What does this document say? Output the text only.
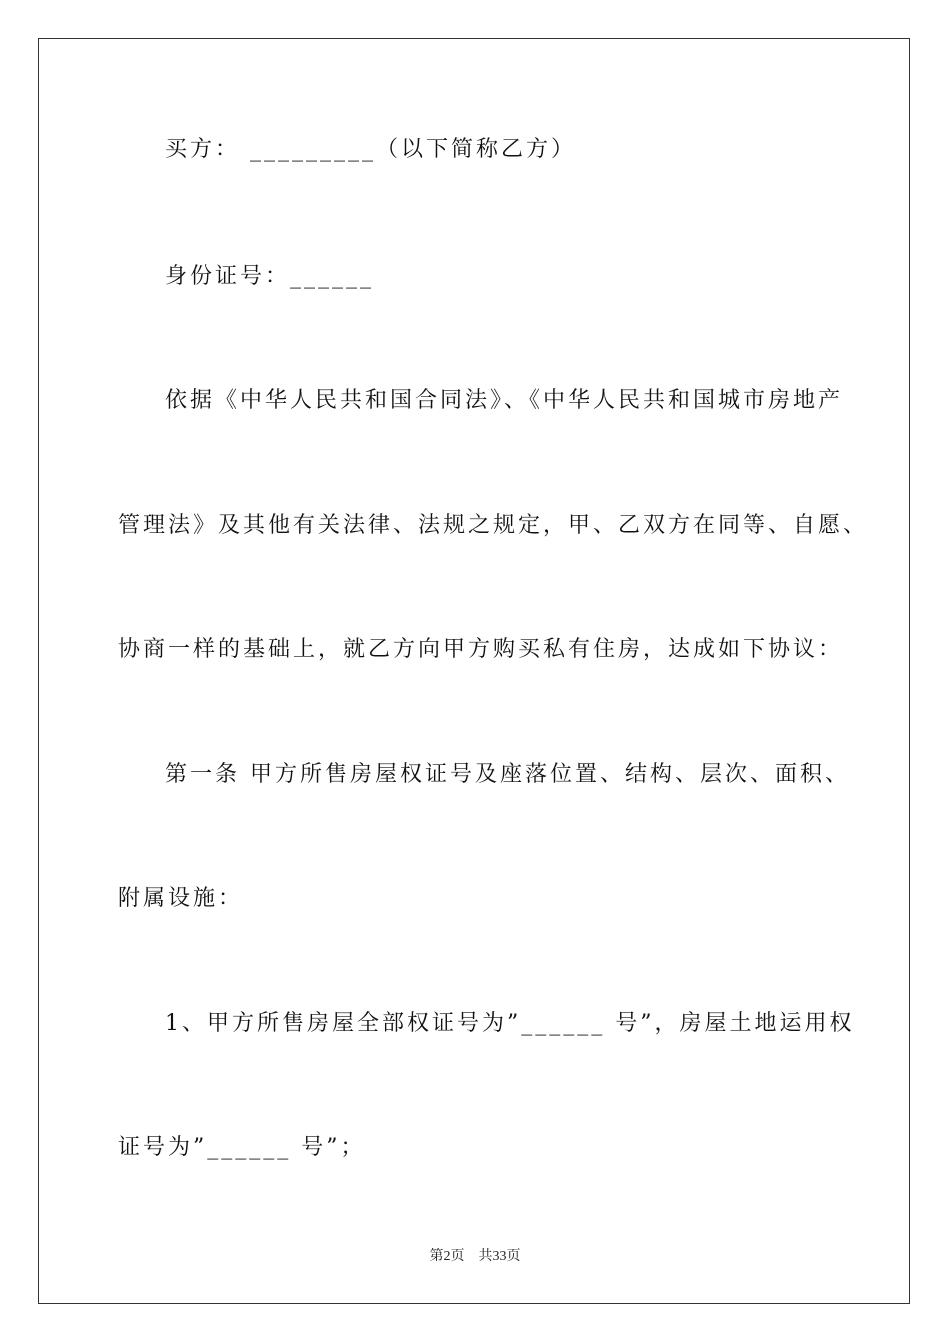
买方： _________（以下简称乙方）
身份证号：______
依据《中华人民共和国合同法》、《中华人民共和国城市房地产
管理法》及其他有关法律、法规之规定，甲、乙双方在同等、自愿、
协商一样的基础上，就乙方向甲方购买私有住房，达成如下协议：
第一条 甲方所售房屋权证号及座落位置、结构、层次、面积、
附属设施：
1、甲方所售房屋全部权证号为”______ 号”，房屋土地运用权
证号为”______ 号”；
第2页 共33页
